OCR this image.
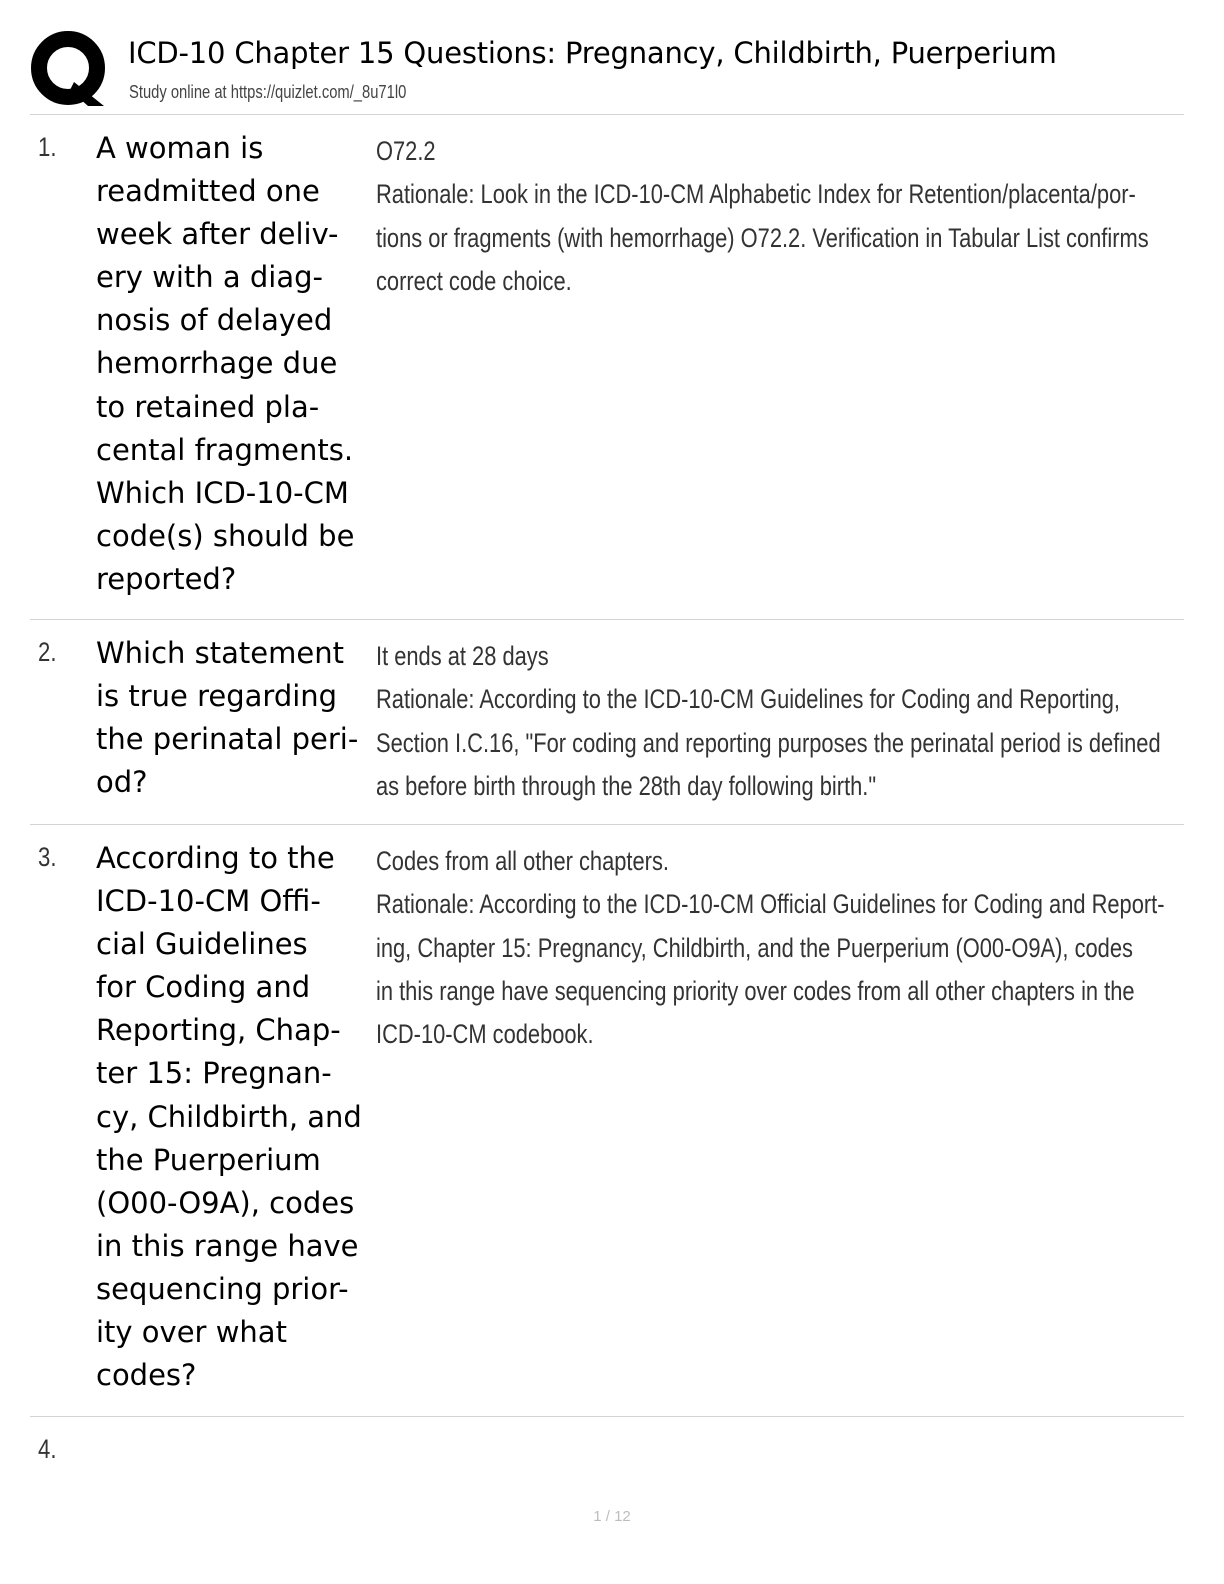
ICD-10 Chapter 15 Questions: Pregnancy, Childbirth, Puerperium
Study online at https://quizlet.com/_8u71l0
1. A woman is
readmitted one
week after deliv-
ery with a diag-
nosis of delayed
hemorrhage due
to retained pla-
cental fragments.
Which ICD-10-CM
code(s) should be
reported?
O72.2
Rationale: Look in the ICD-10-CM Alphabetic Index for Retention/placenta/por-
tions or fragments (with hemorrhage) O72.2. Verification in Tabular List confirms
correct code choice.
2. Which statement
is true regarding
the perinatal peri-
od?
It ends at 28 days
Rationale: According to the ICD-10-CM Guidelines for Coding and Reporting,
Section I.C.16, "For coding and reporting purposes the perinatal period is defined
as before birth through the 28th day following birth."
3. According to the
ICD-10-CM Offi-
cial Guidelines
for Coding and
Reporting, Chap-
ter 15: Pregnan-
cy, Childbirth, and
the Puerperium
(O00-O9A), codes
in this range have
sequencing prior-
ity over what
codes?
Codes from all other chapters.
Rationale: According to the ICD-10-CM Official Guidelines for Coding and Report-
ing, Chapter 15: Pregnancy, Childbirth, and the Puerperium (O00-O9A), codes
in this range have sequencing priority over codes from all other chapters in the
ICD-10-CM codebook.
4.
1 / 12
